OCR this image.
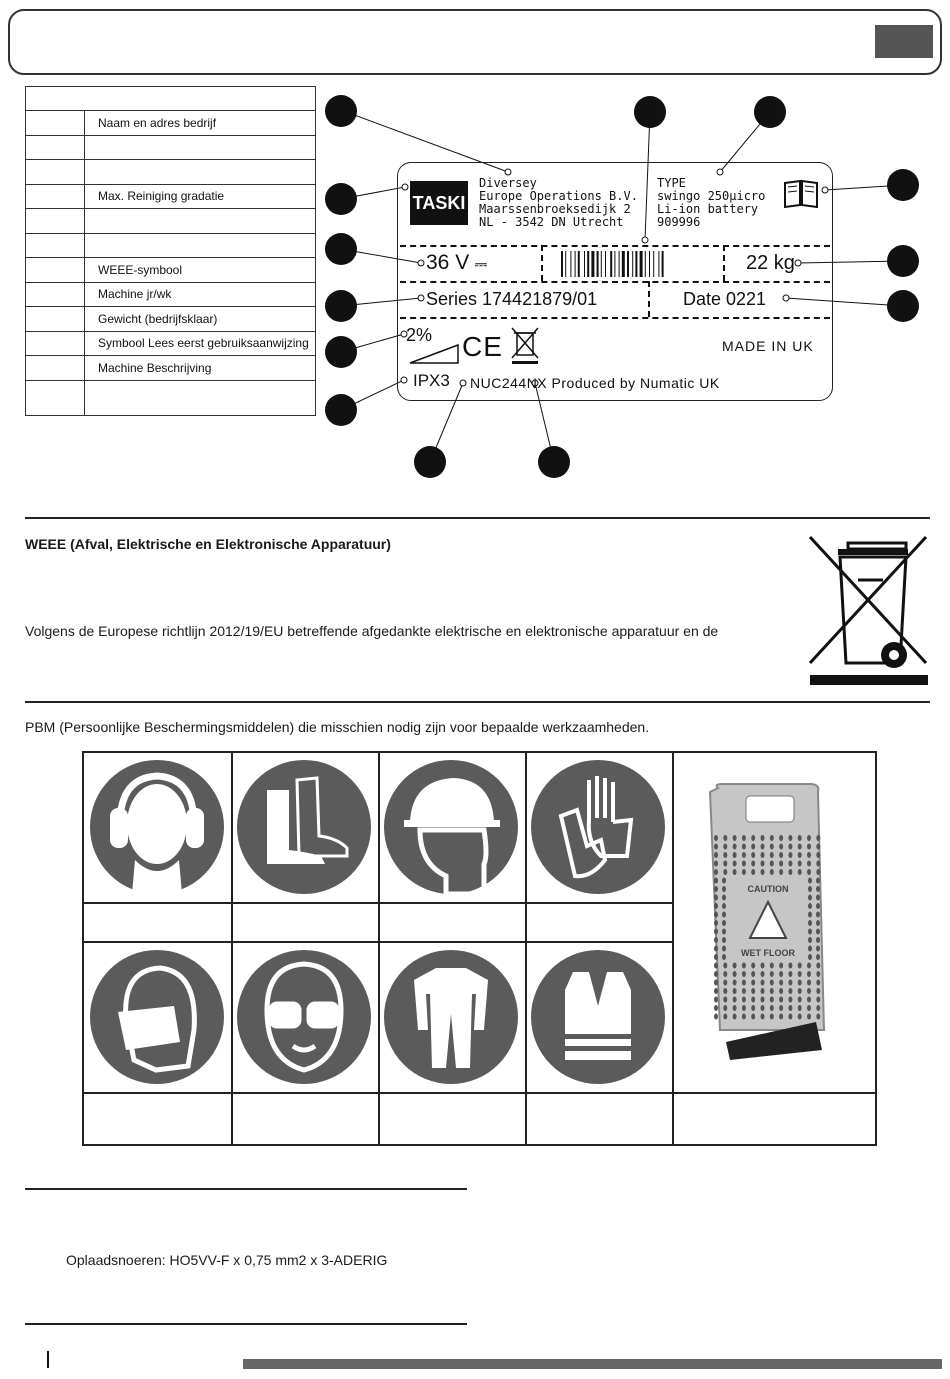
	Naam en adres bedrijf

	Max. Reiniging gradatie

	WEEE-symbool
	Machine jr/wk
	Gewicht (bedrijfsklaar)
	Symbool Lees eerst gebruiksaanwijzing
	Machine Beschrijving

TASKI
Diversey
Europe Operations B.V.
Maarssenbroeksedijk 2
NL - 3542 DN Utrecht
TYPE
swingo 250µicro
Li-ion battery
909996
36 V ⎓	22 kg
Series 174421879/01	Date 0221
2% CE	MADE IN UK
IPX3 NUC244NX Produced by Numatic UK
WEEE (Afval, Elektrische en Elektronische Apparatuur)
Volgens de Europese richtlijn 2012/19/EU betreffende afgedankte elektrische en elektronische apparatuur en de
PBM (Persoonlijke Beschermingsmiddelen) die misschien nodig zijn voor bepaalde werkzaamheden.
CAUTION
WET FLOOR
Oplaadsnoeren: HO5VV-F x 0,75 mm2 x 3-ADERIG
